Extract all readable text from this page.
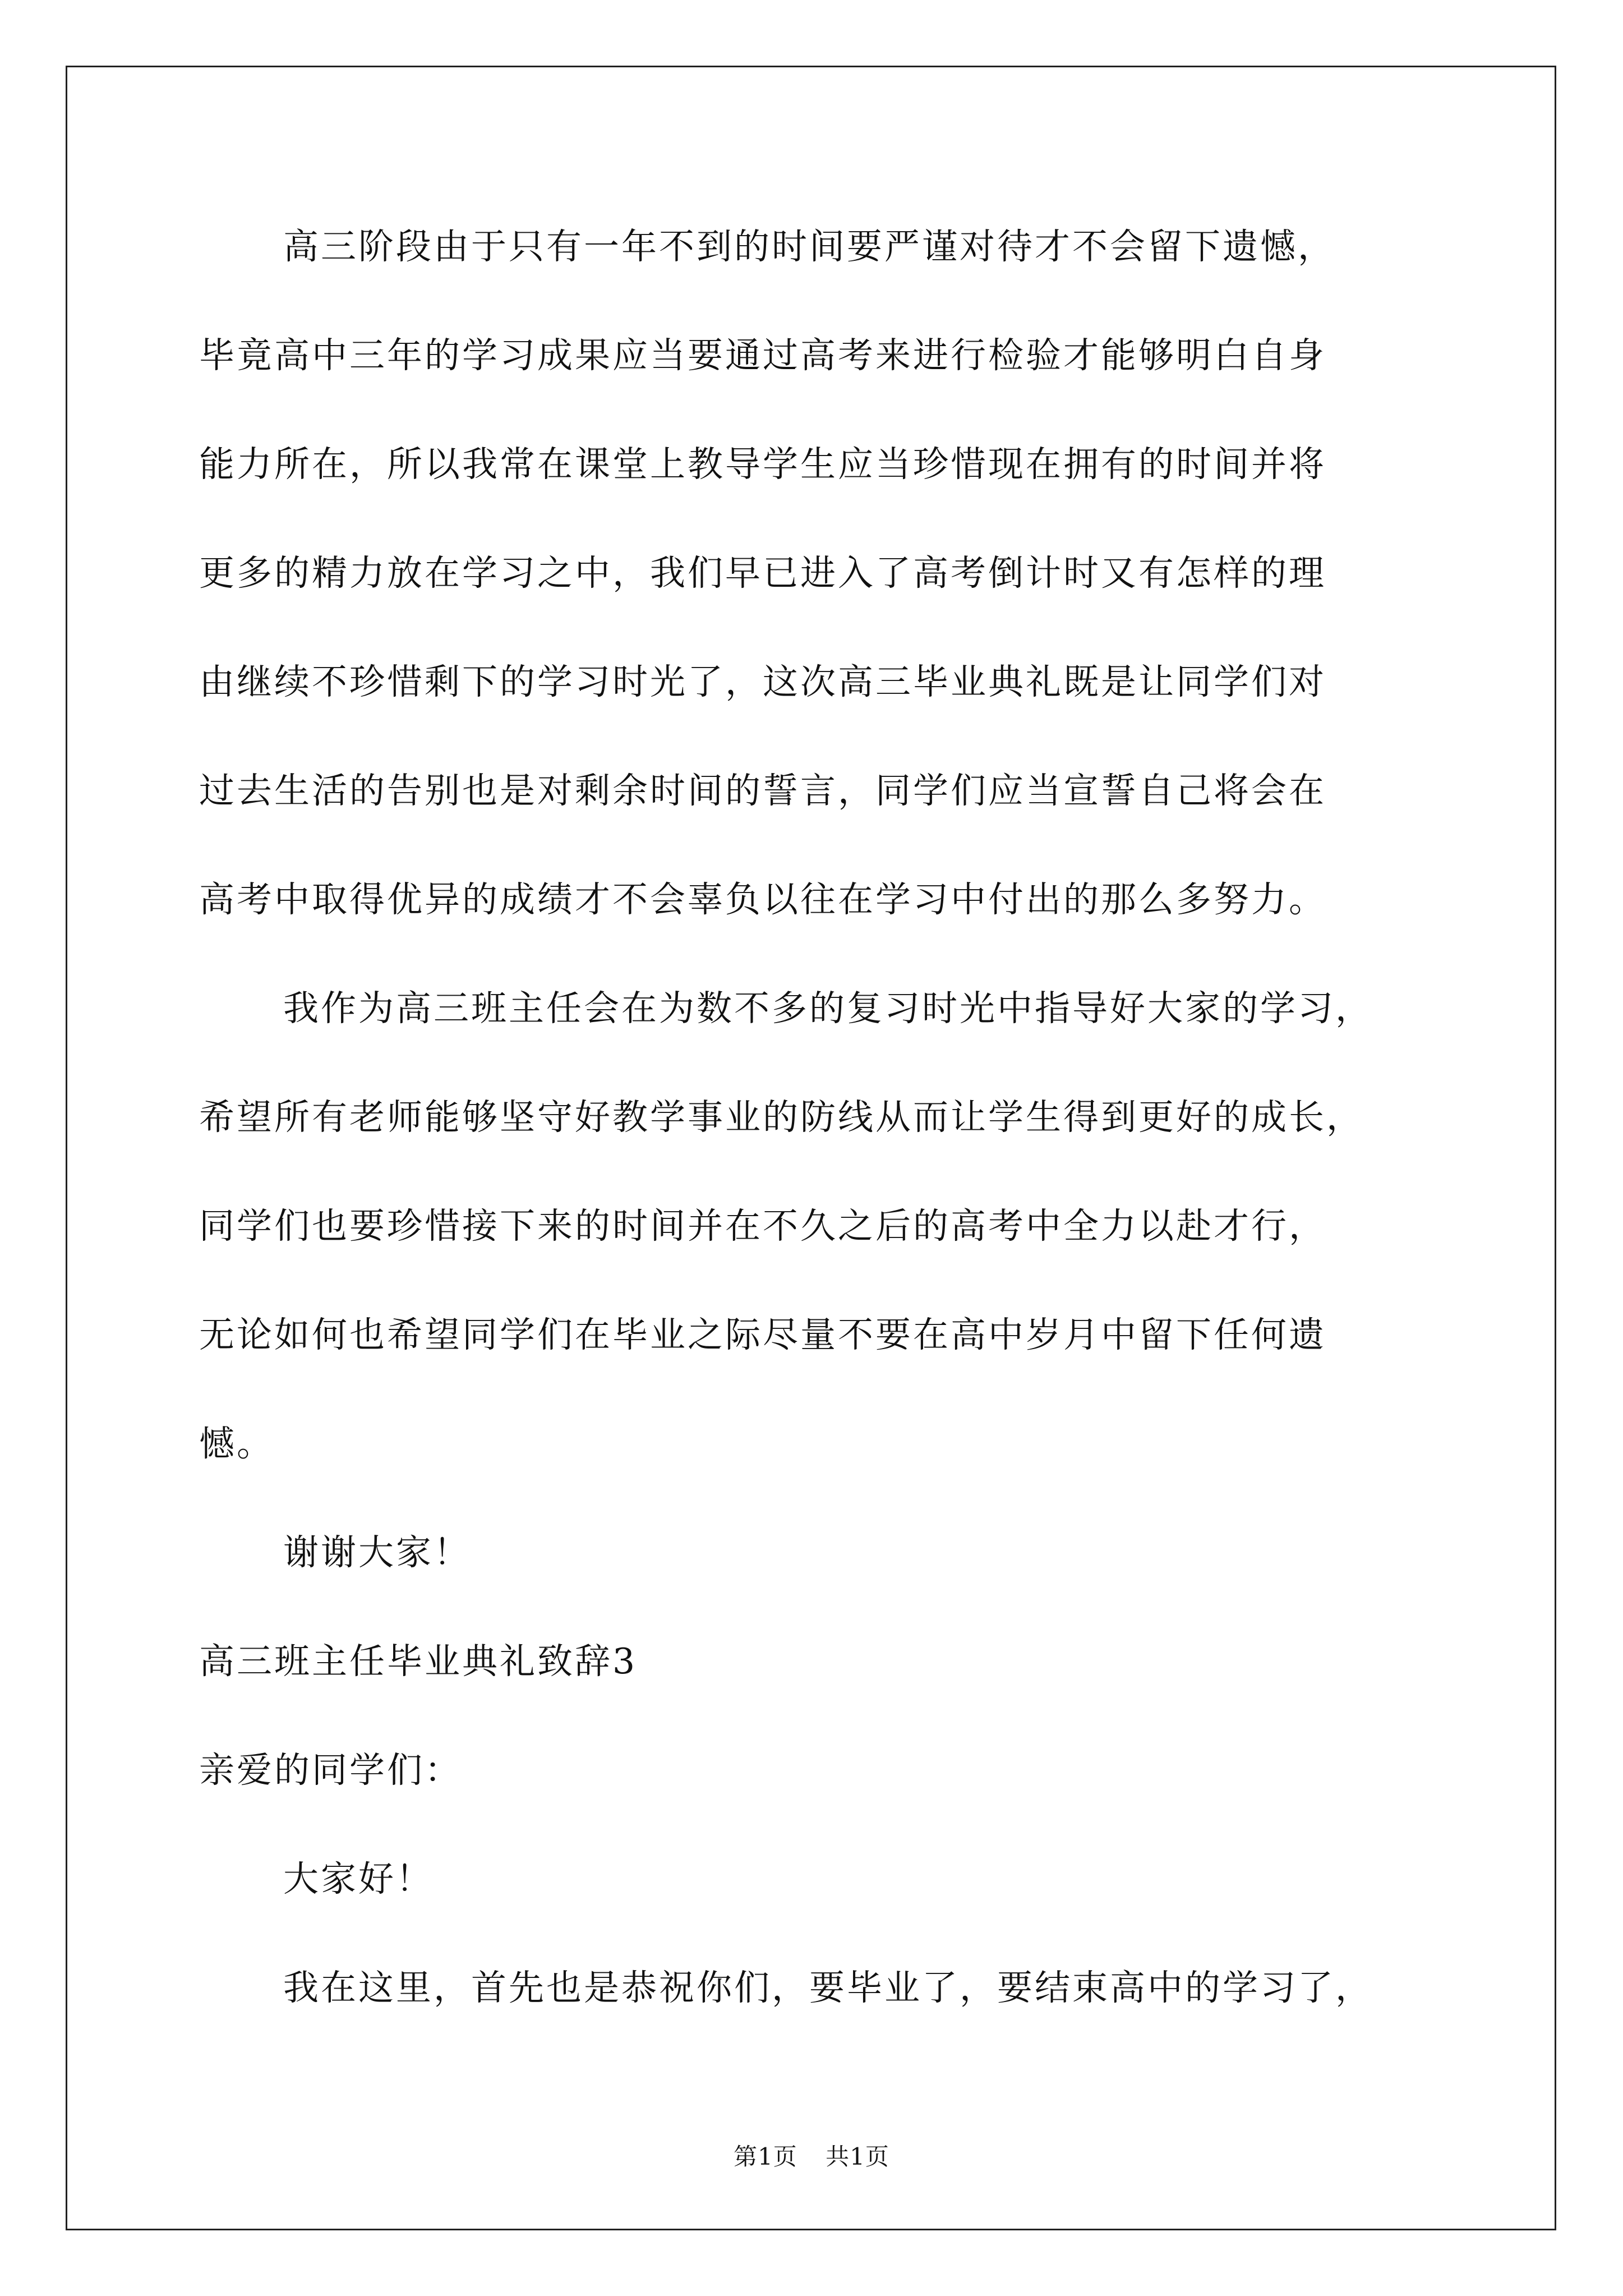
高三阶段由于只有一年不到的时间要严谨对待才不会留下遗憾，
毕竟高中三年的学习成果应当要通过高考来进行检验才能够明白自身
能力所在，所以我常在课堂上教导学生应当珍惜现在拥有的时间并将
更多的精力放在学习之中，我们早已进入了高考倒计时又有怎样的理
由继续不珍惜剩下的学习时光了，这次高三毕业典礼既是让同学们对
过去生活的告别也是对剩余时间的誓言，同学们应当宣誓自己将会在
高考中取得优异的成绩才不会辜负以往在学习中付出的那么多努力。
我作为高三班主任会在为数不多的复习时光中指导好大家的学习，
希望所有老师能够坚守好教学事业的防线从而让学生得到更好的成长，
同学们也要珍惜接下来的时间并在不久之后的高考中全力以赴才行，
无论如何也希望同学们在毕业之际尽量不要在高中岁月中留下任何遗
憾。
谢谢大家！
高三班主任毕业典礼致辞3
亲爱的同学们：
大家好！
我在这里，首先也是恭祝你们，要毕业了，要结束高中的学习了，
第1页 共1页
